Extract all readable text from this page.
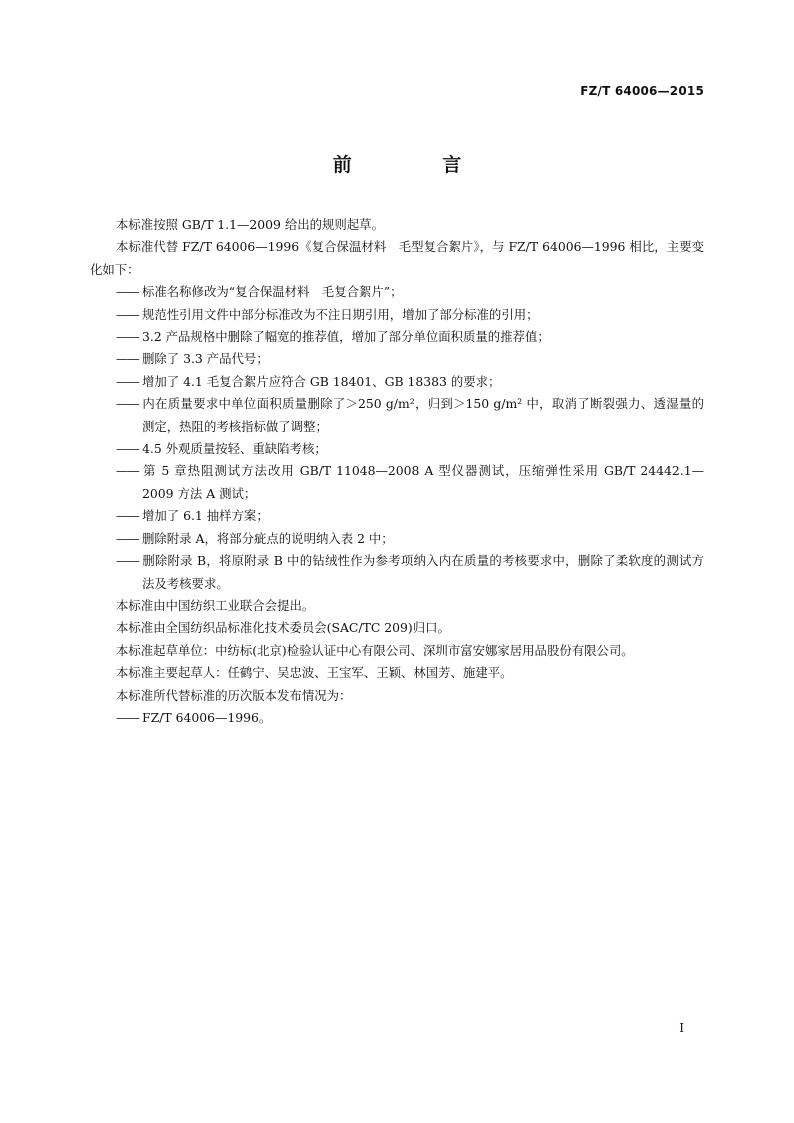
FZ/T 64006—2015
前 言

本标准按照 GB/T 1.1—2009 给出的规则起草。

本标准代替 FZ/T 64006—1996《复合保温材料　毛型复合絮片》，与 FZ/T 64006—1996 相比，主要变化如下：

—— 标准名称修改为“复合保温材料　毛复合絮片”；

—— 规范性引用文件中部分标准改为不注日期引用，增加了部分标准的引用；

—— 3.2 产品规格中删除了幅宽的推荐值，增加了部分单位面积质量的推荐值；

—— 删除了 3.3 产品代号；

—— 增加了 4.1 毛复合絮片应符合 GB 18401、GB 18383 的要求；

—— 内在质量要求中单位面积质量删除了＞250 g/m²，归到＞150 g/m² 中，取消了断裂强力、透湿量的测定，热阻的考核指标做了调整；

—— 4.5 外观质量按轻、重缺陷考核；

—— 第 5 章热阻测试方法改用 GB/T 11048—2008 A 型仪器测试，压缩弹性采用 GB/T 24442.1—2009 方法 A 测试；

—— 增加了 6.1 抽样方案；

—— 删除附录 A，将部分疵点的说明纳入表 2 中；

—— 删除附录 B，将原附录 B 中的钻绒性作为参考项纳入内在质量的考核要求中，删除了柔软度的测试方法及考核要求。

本标准由中国纺织工业联合会提出。

本标准由全国纺织品标准化技术委员会(SAC/TC 209)归口。

本标准起草单位：中纺标(北京)检验认证中心有限公司、深圳市富安娜家居用品股份有限公司。

本标准主要起草人：任鹤宁、吴忠波、王宝军、王颖、林国芳、施建平。

本标准所代替标准的历次版本发布情况为：

—— FZ/T 64006—1996。

I
